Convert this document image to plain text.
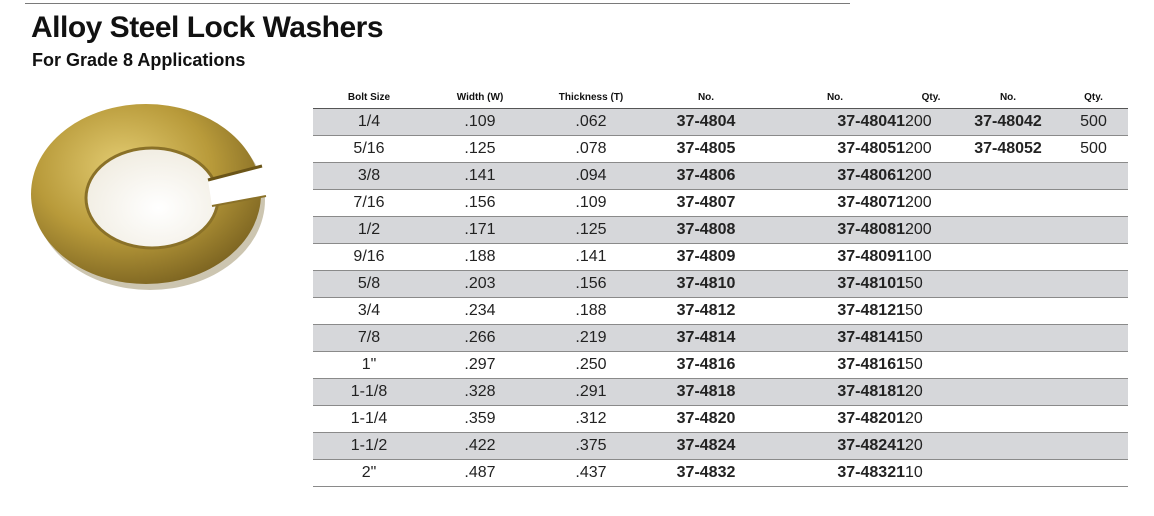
Alloy Steel Lock Washers
For Grade 8 Applications
Bolt Size	Width (W)	Thickness (T)	No.	No.	Qty.	No.	Qty.
1/4	.109	.062	37-4804	37-48041	200	37-48042	500
5/16	.125	.078	37-4805	37-48051	200	37-48052	500
3/8	.141	.094	37-4806	37-48061	200		
7/16	.156	.109	37-4807	37-48071	200		
1/2	.171	.125	37-4808	37-48081	200		
9/16	.188	.141	37-4809	37-48091	100		
5/8	.203	.156	37-4810	37-48101	50		
3/4	.234	.188	37-4812	37-48121	50		
7/8	.266	.219	37-4814	37-48141	50		
1"	.297	.250	37-4816	37-48161	50		
1-1/8	.328	.291	37-4818	37-48181	20		
1-1/4	.359	.312	37-4820	37-48201	20		
1-1/2	.422	.375	37-4824	37-48241	20		
2"	.487	.437	37-4832	37-48321	10		
